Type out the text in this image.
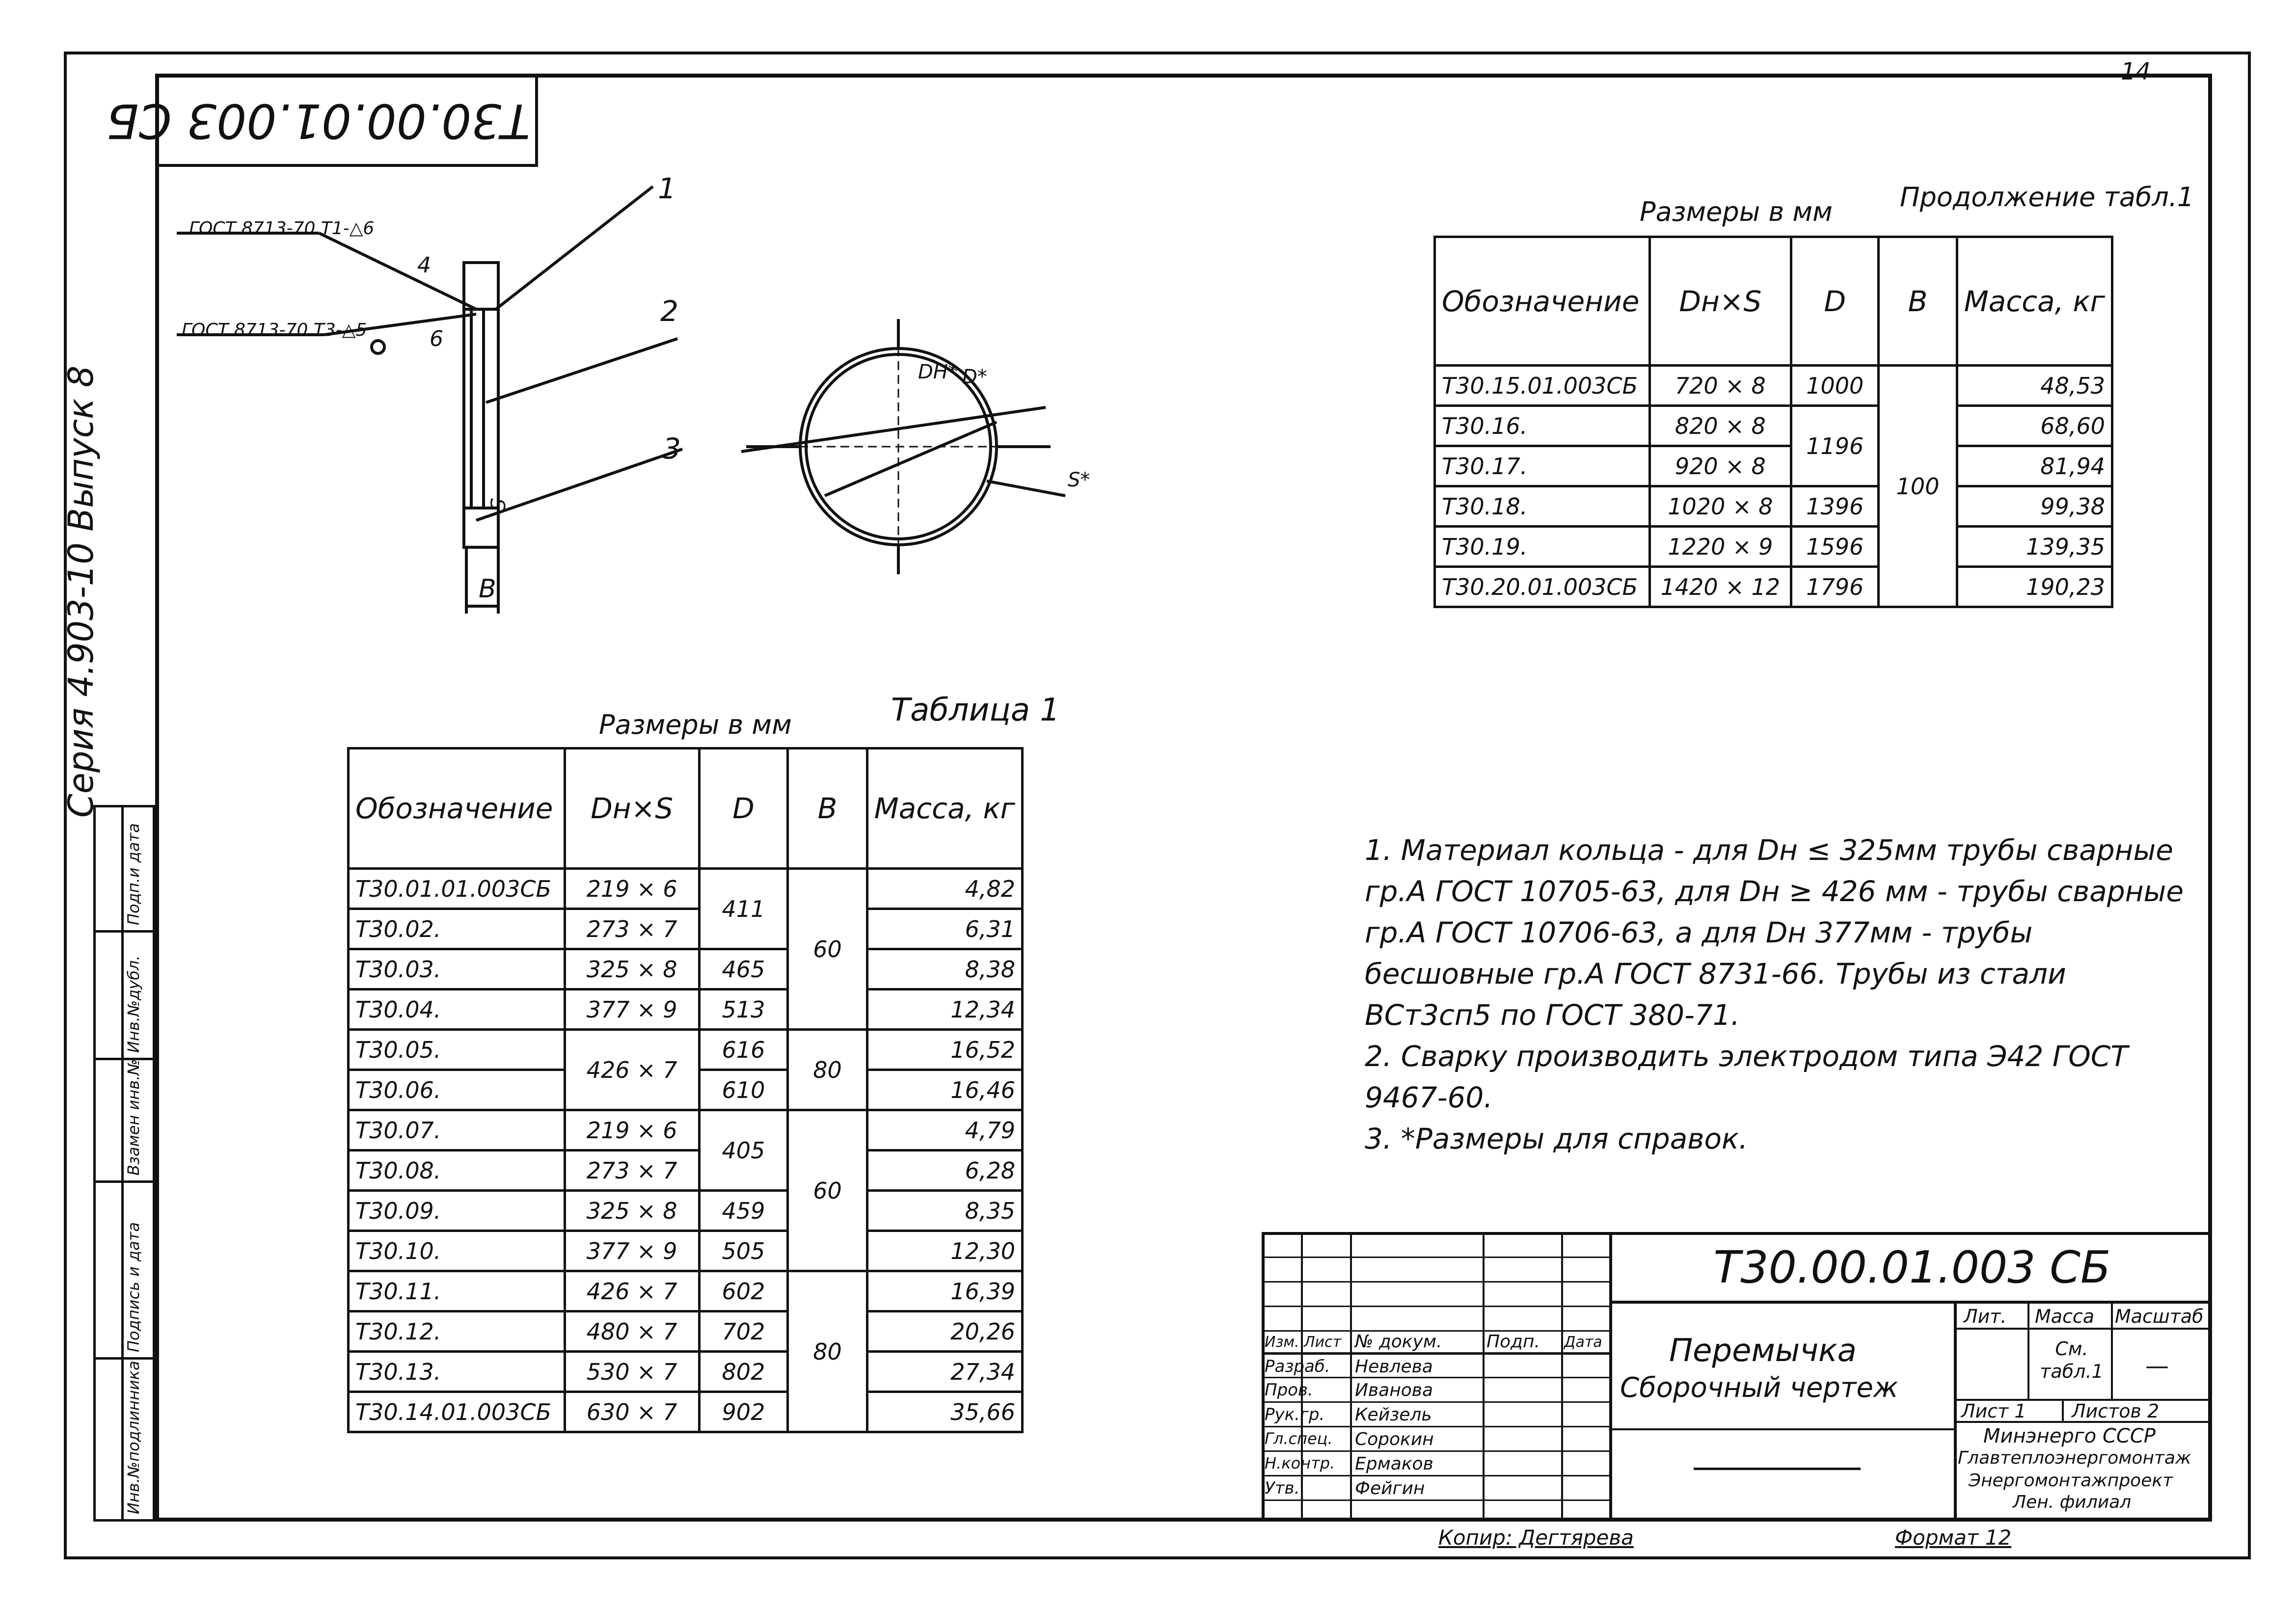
14
Т30.00.01.003 СБ
Серия 4.903-10 Выпуск 8
Инв.№подлинника
Подпись и дата
Взамен инв.№
Инв.№дубл.
Подп.и дата
1
2
3
4
6
ГОСТ 8713-70 Т1-△6
ГОСТ 8713-70 Т3-△5
В
S
DН* D*
S*
Размеры в мм	Таблица 1
Обозначение	Dн×S	D	В	Масса, кг
Т30.01.01.003СБ	219 × 6	411	60	4,82
Т30.02.	273 × 7			6,31
Т30.03.	325 × 8	465		8,38
Т30.04.	377 × 9	513		12,34
Т30.05.	426 × 7	616	80	16,52
Т30.06.		610		16,46
Т30.07.	219 × 6	405	60	4,79
Т30.08.	273 × 7			6,28
Т30.09.	325 × 8	459		8,35
Т30.10.	377 × 9	505		12,30
Т30.11.	426 × 7	602	80	16,39
Т30.12.	480 × 7	702		20,26
Т30.13.	530 × 7	802		27,34
Т30.14.01.003СБ	630 × 7	902		35,66
Размеры в мм	Продолжение табл.1
Обозначение	Dн×S	D	В	Масса, кг
Т30.15.01.003СБ	720 × 8	1000	100	48,53
Т30.16.	820 × 8	1196		68,60
Т30.17.	920 × 8			81,94
Т30.18.	1020 × 8	1396		99,38
Т30.19.	1220 × 9	1596		139,35
Т30.20.01.003СБ	1420 × 12	1796		190,23

1. Материал кольца - для Dн ≤ 325мм трубы сварные гр.А ГОСТ 10705-63, для Dн ≥ 426 мм - трубы сварные гр.А ГОСТ 10706-63, а для Dн 377мм - трубы бесшовные гр.А ГОСТ 8731-66. Трубы из стали ВСт3сп5 по ГОСТ 380-71.

2. Сварку производить электродом типа Э42 ГОСТ 9467-60.

3. *Размеры для справок.

Изм. Лист № докум.	Подп. Дата
Разраб. Невлева
Пров. Иванова
Рук.гр. Кейзель
Гл.спец. Сорокин
Н.контр. Ермаков
Утв.	Фейгин
Т30.00.01.003 СБ
Перемычка
Сборочный чертеж
Лит. Масса Масштаб
См. табл.1 —
Лист 1 Листов 2
Минэнерго СССР
Главтеплоэнергомонтаж
Энергомонтажпроект
Лен. филиал
Копир: Дегтярева	Формат 12
